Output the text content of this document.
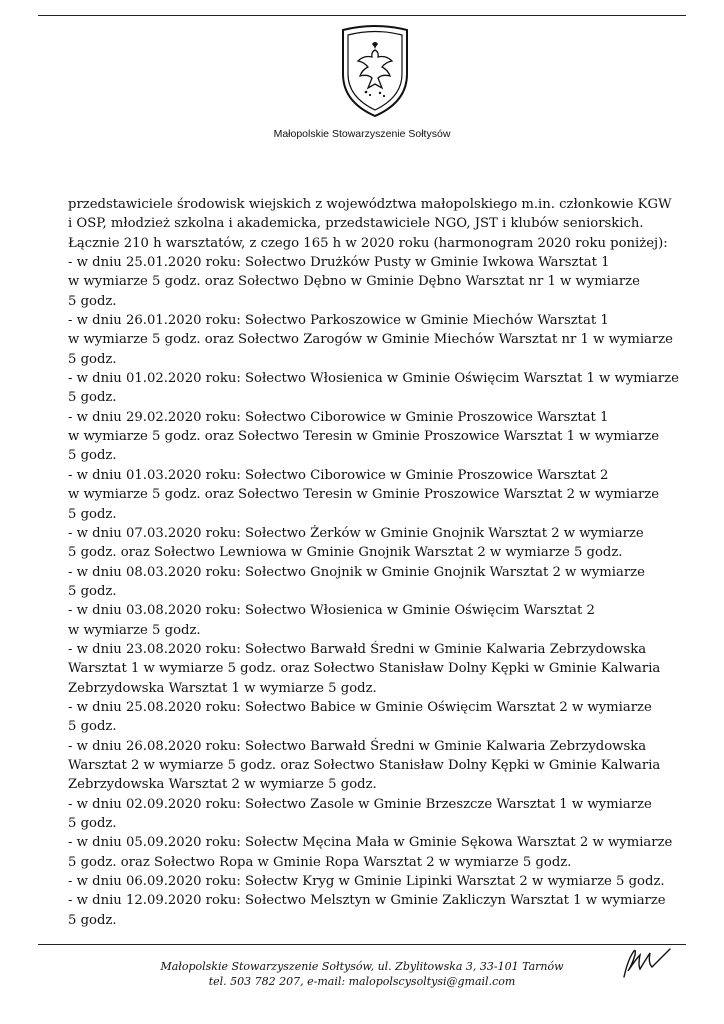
Małopolskie Stowarzyszenie Sołtysów
przedstawiciele środowisk wiejskich z województwa małopolskiego m.in. członkowie KGW
i OSP, młodzież szkolna i akademicka, przedstawiciele NGO, JST i klubów seniorskich.
Łącznie 210 h warsztatów, z czego 165 h w 2020 roku (harmonogram 2020 roku poniżej):
- w dniu 25.01.2020 roku: Sołectwo Drużków Pusty w Gminie Iwkowa Warsztat 1
w wymiarze 5 godz. oraz Sołectwo Dębno w Gminie Dębno Warsztat nr 1 w wymiarze
5 godz.
- w dniu 26.01.2020 roku: Sołectwo Parkoszowice w Gminie Miechów Warsztat 1
w wymiarze 5 godz. oraz Sołectwo Zarogów w Gminie Miechów Warsztat nr 1 w wymiarze
5 godz.
- w dniu 01.02.2020 roku: Sołectwo Włosienica w Gminie Oświęcim Warsztat 1 w wymiarze
5 godz.
- w dniu 29.02.2020 roku: Sołectwo Ciborowice w Gminie Proszowice Warsztat 1
w wymiarze 5 godz. oraz Sołectwo Teresin w Gminie Proszowice Warsztat 1 w wymiarze
5 godz.
- w dniu 01.03.2020 roku: Sołectwo Ciborowice w Gminie Proszowice Warsztat 2
w wymiarze 5 godz. oraz Sołectwo Teresin w Gminie Proszowice Warsztat 2 w wymiarze
5 godz.
- w dniu 07.03.2020 roku: Sołectwo Żerków w Gminie Gnojnik Warsztat 2 w wymiarze
5 godz. oraz Sołectwo Lewniowa w Gminie Gnojnik Warsztat 2 w wymiarze 5 godz.
- w dniu 08.03.2020 roku: Sołectwo Gnojnik w Gminie Gnojnik Warsztat 2 w wymiarze
5 godz.
- w dniu 03.08.2020 roku: Sołectwo Włosienica w Gminie Oświęcim Warsztat 2
w wymiarze 5 godz.
- w dniu 23.08.2020 roku: Sołectwo Barwałd Średni w Gminie Kalwaria Zebrzydowska
Warsztat 1 w wymiarze 5 godz. oraz Sołectwo Stanisław Dolny Kępki w Gminie Kalwaria
Zebrzydowska Warsztat 1 w wymiarze 5 godz.
- w dniu 25.08.2020 roku: Sołectwo Babice w Gminie Oświęcim Warsztat 2 w wymiarze
5 godz.
- w dniu 26.08.2020 roku: Sołectwo Barwałd Średni w Gminie Kalwaria Zebrzydowska
Warsztat 2 w wymiarze 5 godz. oraz Sołectwo Stanisław Dolny Kępki w Gminie Kalwaria
Zebrzydowska Warsztat 2 w wymiarze 5 godz.
- w dniu 02.09.2020 roku: Sołectwo Zasole w Gminie Brzeszcze Warsztat 1 w wymiarze
5 godz.
- w dniu 05.09.2020 roku: Sołectw Męcina Mała w Gminie Sękowa Warsztat 2 w wymiarze
5 godz. oraz Sołectwo Ropa w Gminie Ropa Warsztat 2 w wymiarze 5 godz.
- w dniu 06.09.2020 roku: Sołectw Kryg w Gminie Lipinki Warsztat 2 w wymiarze 5 godz.
- w dniu 12.09.2020 roku: Sołectwo Melsztyn w Gminie Zakliczyn Warsztat 1 w wymiarze
5 godz.
Małopolskie Stowarzyszenie Sołtysów, ul. Zbylitowska 3, 33-101 Tarnów
tel. 503 782 207, e-mail: malopolscysoltysi@gmail.com
